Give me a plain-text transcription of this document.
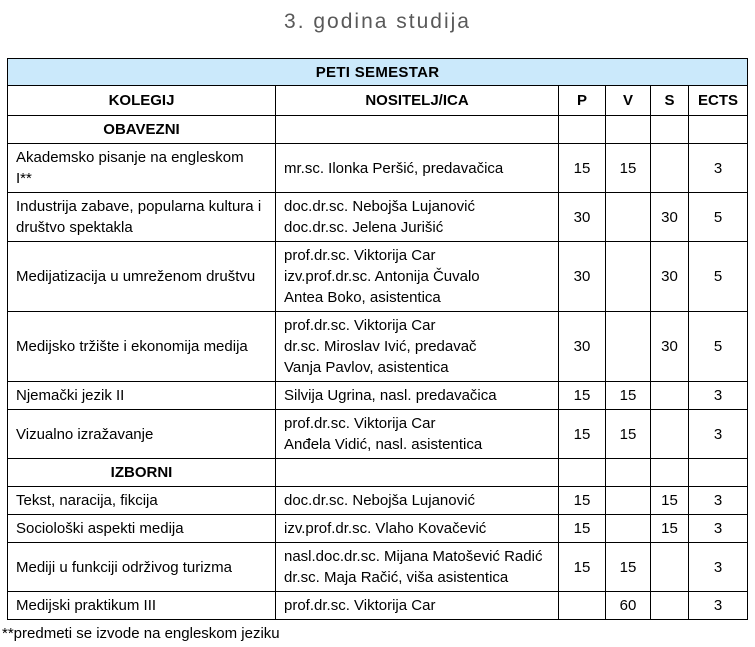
3. godina studija
PETI SEMESTAR					
KOLEGIJ	NOSITELJ/ICA	P	V	S	ECTS
OBAVEZNI					
Akademsko pisanje na engleskom I**	mr.sc. Ilonka Peršić, predavačica	15	15		3
Industrija zabave, popularna kultura i društvo spektakla	doc.dr.sc. Nebojša Lujanović
doc.dr.sc. Jelena Jurišić	30		30	5
Medijatizacija u umreženom društvu	prof.dr.sc. Viktorija Car
izv.prof.dr.sc. Antonija Čuvalo
Antea Boko, asistentica	30		30	5
Medijsko tržište i ekonomija medija	prof.dr.sc. Viktorija Car
dr.sc. Miroslav Ivić, predavač
Vanja Pavlov, asistentica	30		30	5
Njemački jezik II	Silvija Ugrina, nasl. predavačica	15	15		3
Vizualno izražavanje	prof.dr.sc. Viktorija Car
Anđela Vidić, nasl. asistentica	15	15		3
IZBORNI					
Tekst, naracija, fikcija	doc.dr.sc. Nebojša Lujanović	15		15	3
Sociološki aspekti medija	izv.prof.dr.sc. Vlaho Kovačević	15		15	3
Mediji u funkciji održivog turizma	nasl.doc.dr.sc. Mijana Matošević Radić
dr.sc. Maja Račić, viša asistentica	15	15		3
Medijski praktikum III	prof.dr.sc. Viktorija Car		60		3
**predmeti se izvode na engleskom jeziku
